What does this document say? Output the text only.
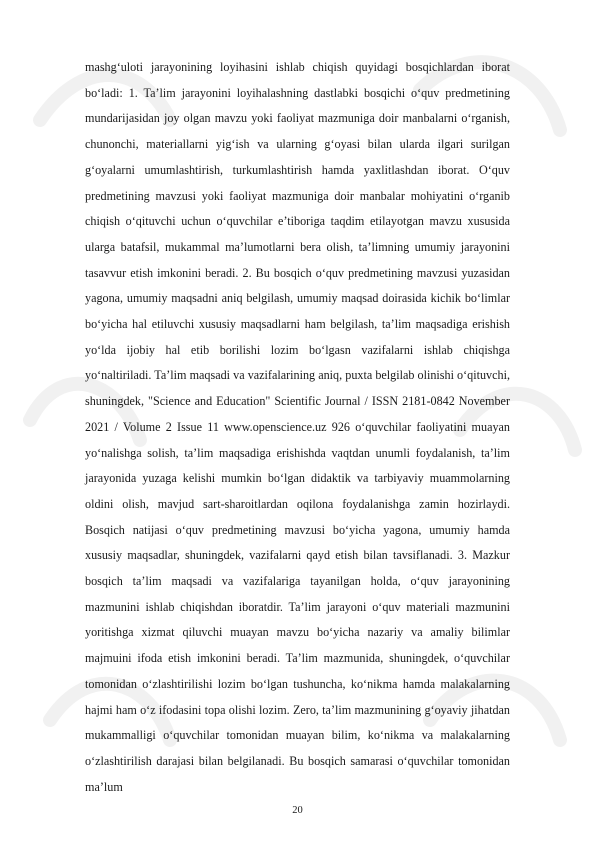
mashg‘uloti jarayonining loyihasini ishlab chiqish quyidagi bosqichlardan iborat bo‘ladi: 1. Ta’lim jarayonini loyihalashning dastlabki bosqichi o‘quv predmetining mundarijasidan joy olgan mavzu yoki faoliyat mazmuniga doir manbalarni o‘rganish, chunonchi, materiallarni yig‘ish va ularning g‘oyasi bilan ularda ilgari surilgan g‘oyalarni umumlashtirish, turkumlashtirish hamda yaxlitlashdan iborat. O‘quv predmetining mavzusi yoki faoliyat mazmuniga doir manbalar mohiyatini o‘rganib chiqish o‘qituvchi uchun o‘quvchilar e’tiboriga taqdim etilayotgan mavzu xususida ularga batafsil, mukammal ma’lumotlarni bera olish, ta’limning umumiy jarayonini tasavvur etish imkonini beradi. 2. Bu bosqich o‘quv predmetining mavzusi yuzasidan yagona, umumiy maqsadni aniq belgilash, umumiy maqsad doirasida kichik bo‘limlar bo‘yicha hal etiluvchi xususiy maqsadlarni ham belgilash, ta’lim maqsadiga erishish yo‘lda ijobiy hal etib borilishi lozim bo‘lgasn vazifalarni ishlab chiqishga yo‘naltiriladi. Ta’lim maqsadi va vazifalarining aniq, puxta belgilab olinishi o‘qituvchi, shuningdek, "Science and Education" Scientific Journal / ISSN 2181-0842 November 2021 / Volume 2 Issue 11 www.openscience.uz 926 o‘quvchilar faoliyatini muayan yo‘nalishga solish, ta’lim maqsadiga erishishda vaqtdan unumli foydalanish, ta’lim jarayonida yuzaga kelishi mumkin bo‘lgan didaktik va tarbiyaviy muammolarning oldini olish, mavjud sart-sharoitlardan oqilona foydalanishga zamin hozirlaydi. Bosqich natijasi o‘quv predmetining mavzusi bo‘yicha yagona, umumiy hamda xususiy maqsadlar, shuningdek, vazifalarni qayd etish bilan tavsiflanadi. 3. Mazkur bosqich ta’lim maqsadi va vazifalariga tayanilgan holda, o‘quv jarayonining mazmunini ishlab chiqishdan iboratdir. Ta’lim jarayoni o‘quv materiali mazmunini yoritishga xizmat qiluvchi muayan mavzu bo‘yicha nazariy va amaliy bilimlar majmuini ifoda etish imkonini beradi. Ta’lim mazmunida, shuningdek, o‘quvchilar tomonidan o‘zlashtirilishi lozim bo‘lgan tushuncha, ko‘nikma hamda malakalarning hajmi ham o‘z ifodasini topa olishi lozim. Zero, ta’lim mazmunining g‘oyaviy jihatdan mukammalligi o‘quvchilar tomonidan muayan bilim, ko‘nikma va malakalarning o‘zlashtirilish darajasi bilan belgilanadi. Bu bosqich samarasi o‘quvchilar tomonidan ma’lum

20
